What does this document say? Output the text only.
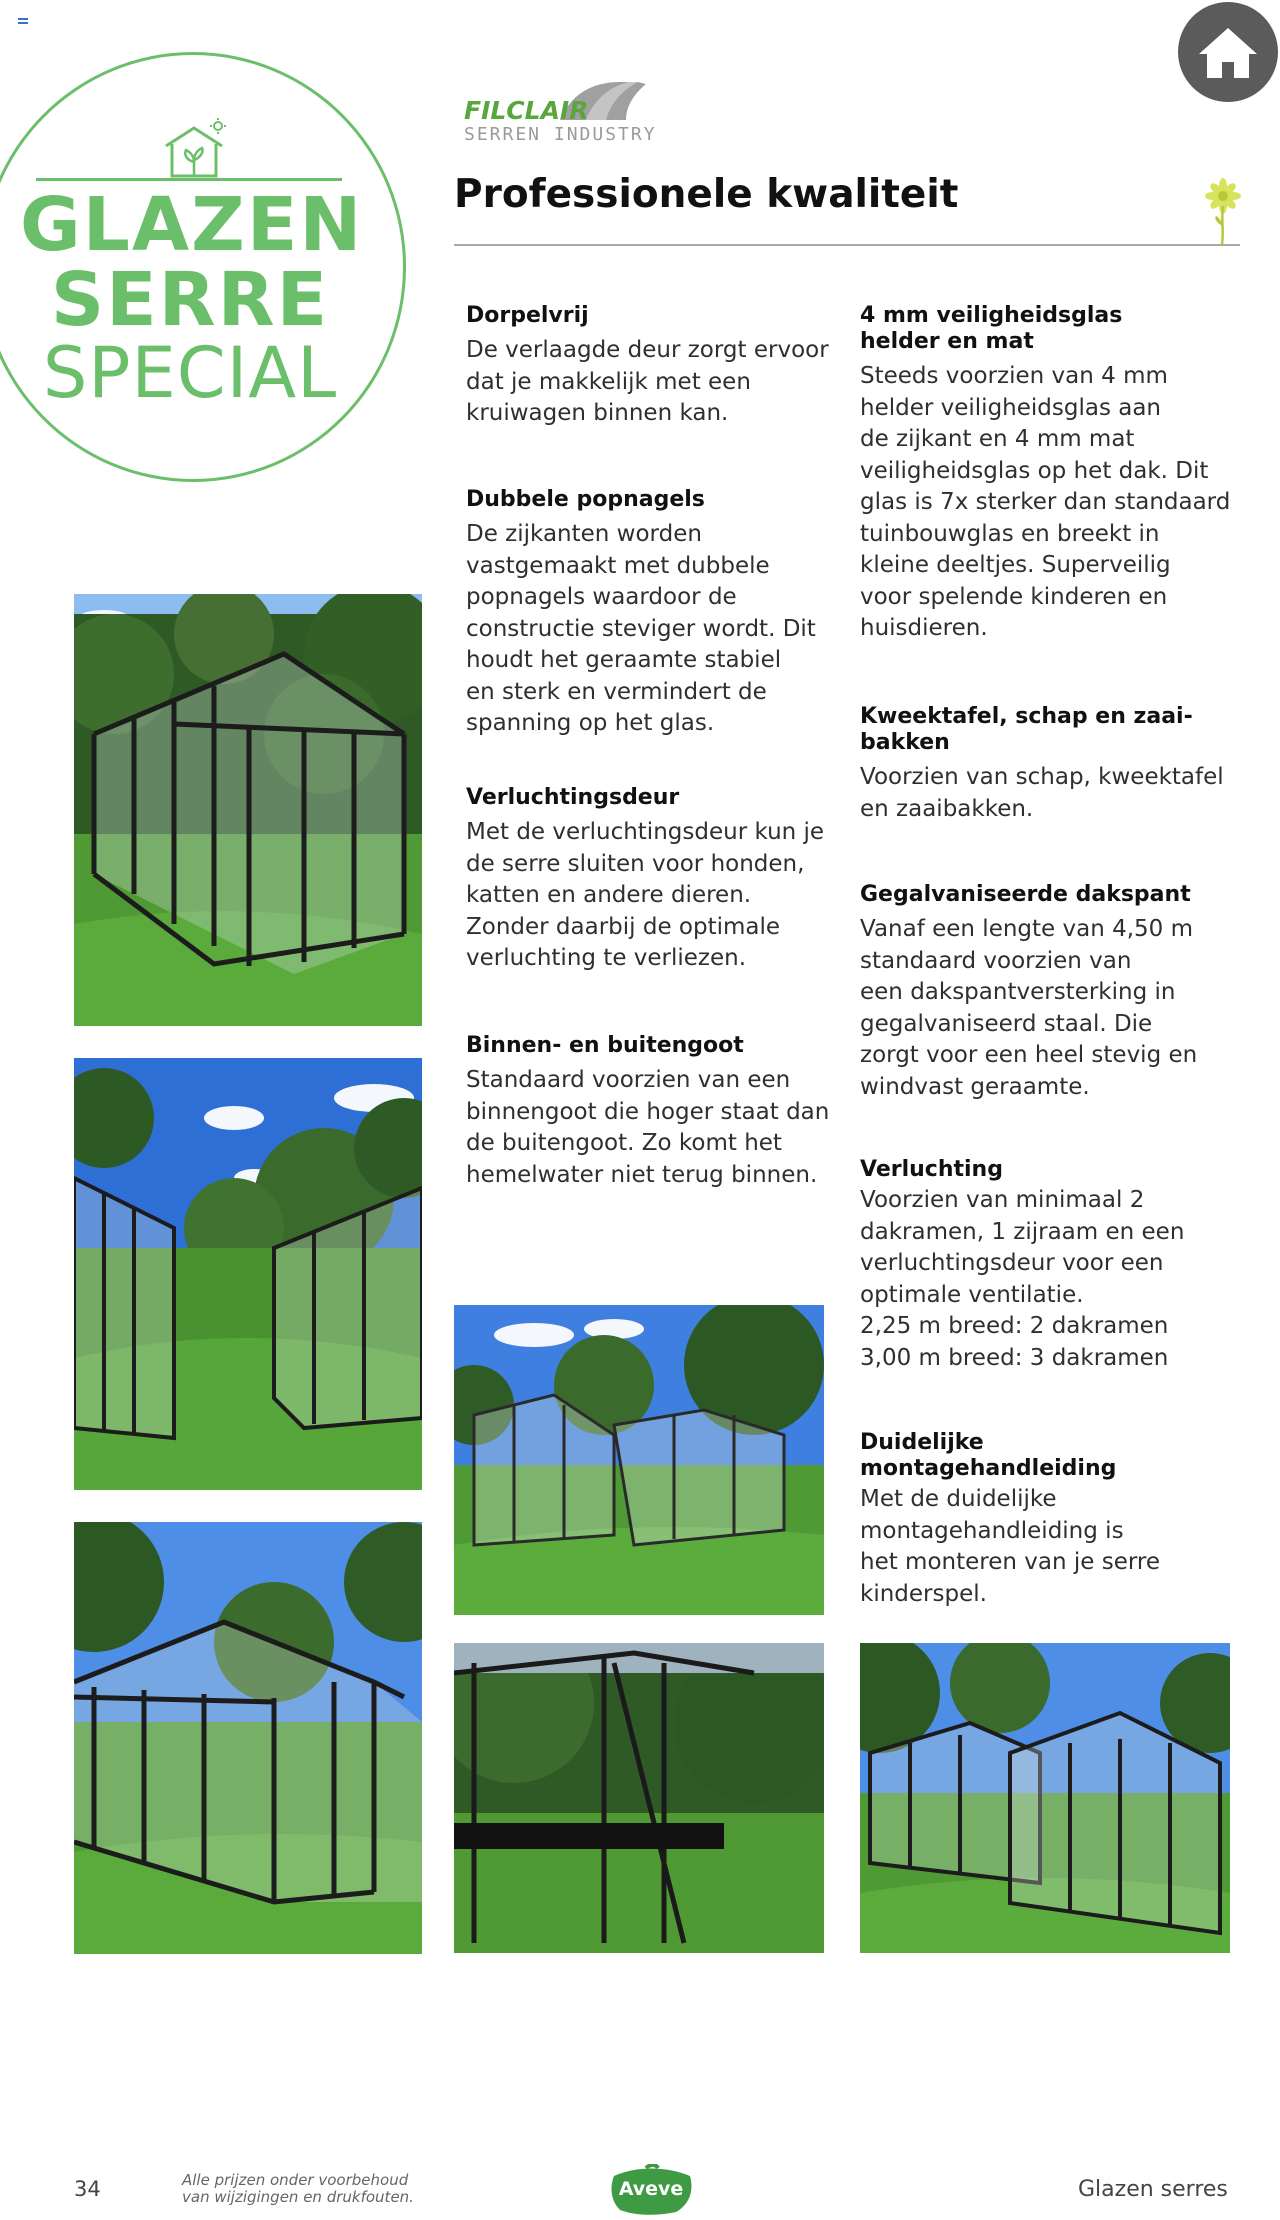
GLAZEN
SERRE
SPECIAL
FILCLAIR
SERREN INDUSTRY
Professionele kwaliteit
Dorpelvrij

De verlaagde deur zorgt ervoor
dat je makkelijk met een
kruiwagen binnen kan.

Dubbele popnagels

De zijkanten worden
vastgemaakt met dubbele
popnagels waardoor de
constructie steviger wordt. Dit
houdt het geraamte stabiel
en sterk en vermindert de
spanning op het glas.

Verluchtingsdeur

Met de verluchtingsdeur kun je
de serre sluiten voor honden,
katten en andere dieren.
Zonder daarbij de optimale
verluchting te verliezen.

Binnen- en buitengoot

Standaard voorzien van een
binnengoot die hoger staat dan
de buitengoot. Zo komt het
hemelwater niet terug binnen.

4 mm veiligheidsglas
helder en mat

Steeds voorzien van 4 mm
helder veiligheidsglas aan
de zijkant en 4 mm mat
veiligheidsglas op het dak. Dit
glas is 7x sterker dan standaard
tuinbouwglas en breekt in
kleine deeltjes. Superveilig
voor spelende kinderen en
huisdieren.

Kweektafel, schap en zaai-
bakken

Voorzien van schap, kweektafel
en zaaibakken.

Gegalvaniseerde dakspant

Vanaf een lengte van 4,50 m
standaard voorzien van
een dakspantversterking in
gegalvaniseerd staal. Die
zorgt voor een heel stevig en
windvast geraamte.

Verluchting

Voorzien van minimaal 2
dakramen, 1 zijraam en een
verluchtingsdeur voor een
optimale ventilatie.
2,25 m breed: 2 dakramen
3,00 m breed: 3 dakramen

Duidelijke
montagehandleiding

Met de duidelijke
montagehandleiding is
het monteren van je serre
kinderspel.

34	Alle prijzen onder voorbehoud
van wijzigingen en drukfouten.	Aveve	Glazen serres
